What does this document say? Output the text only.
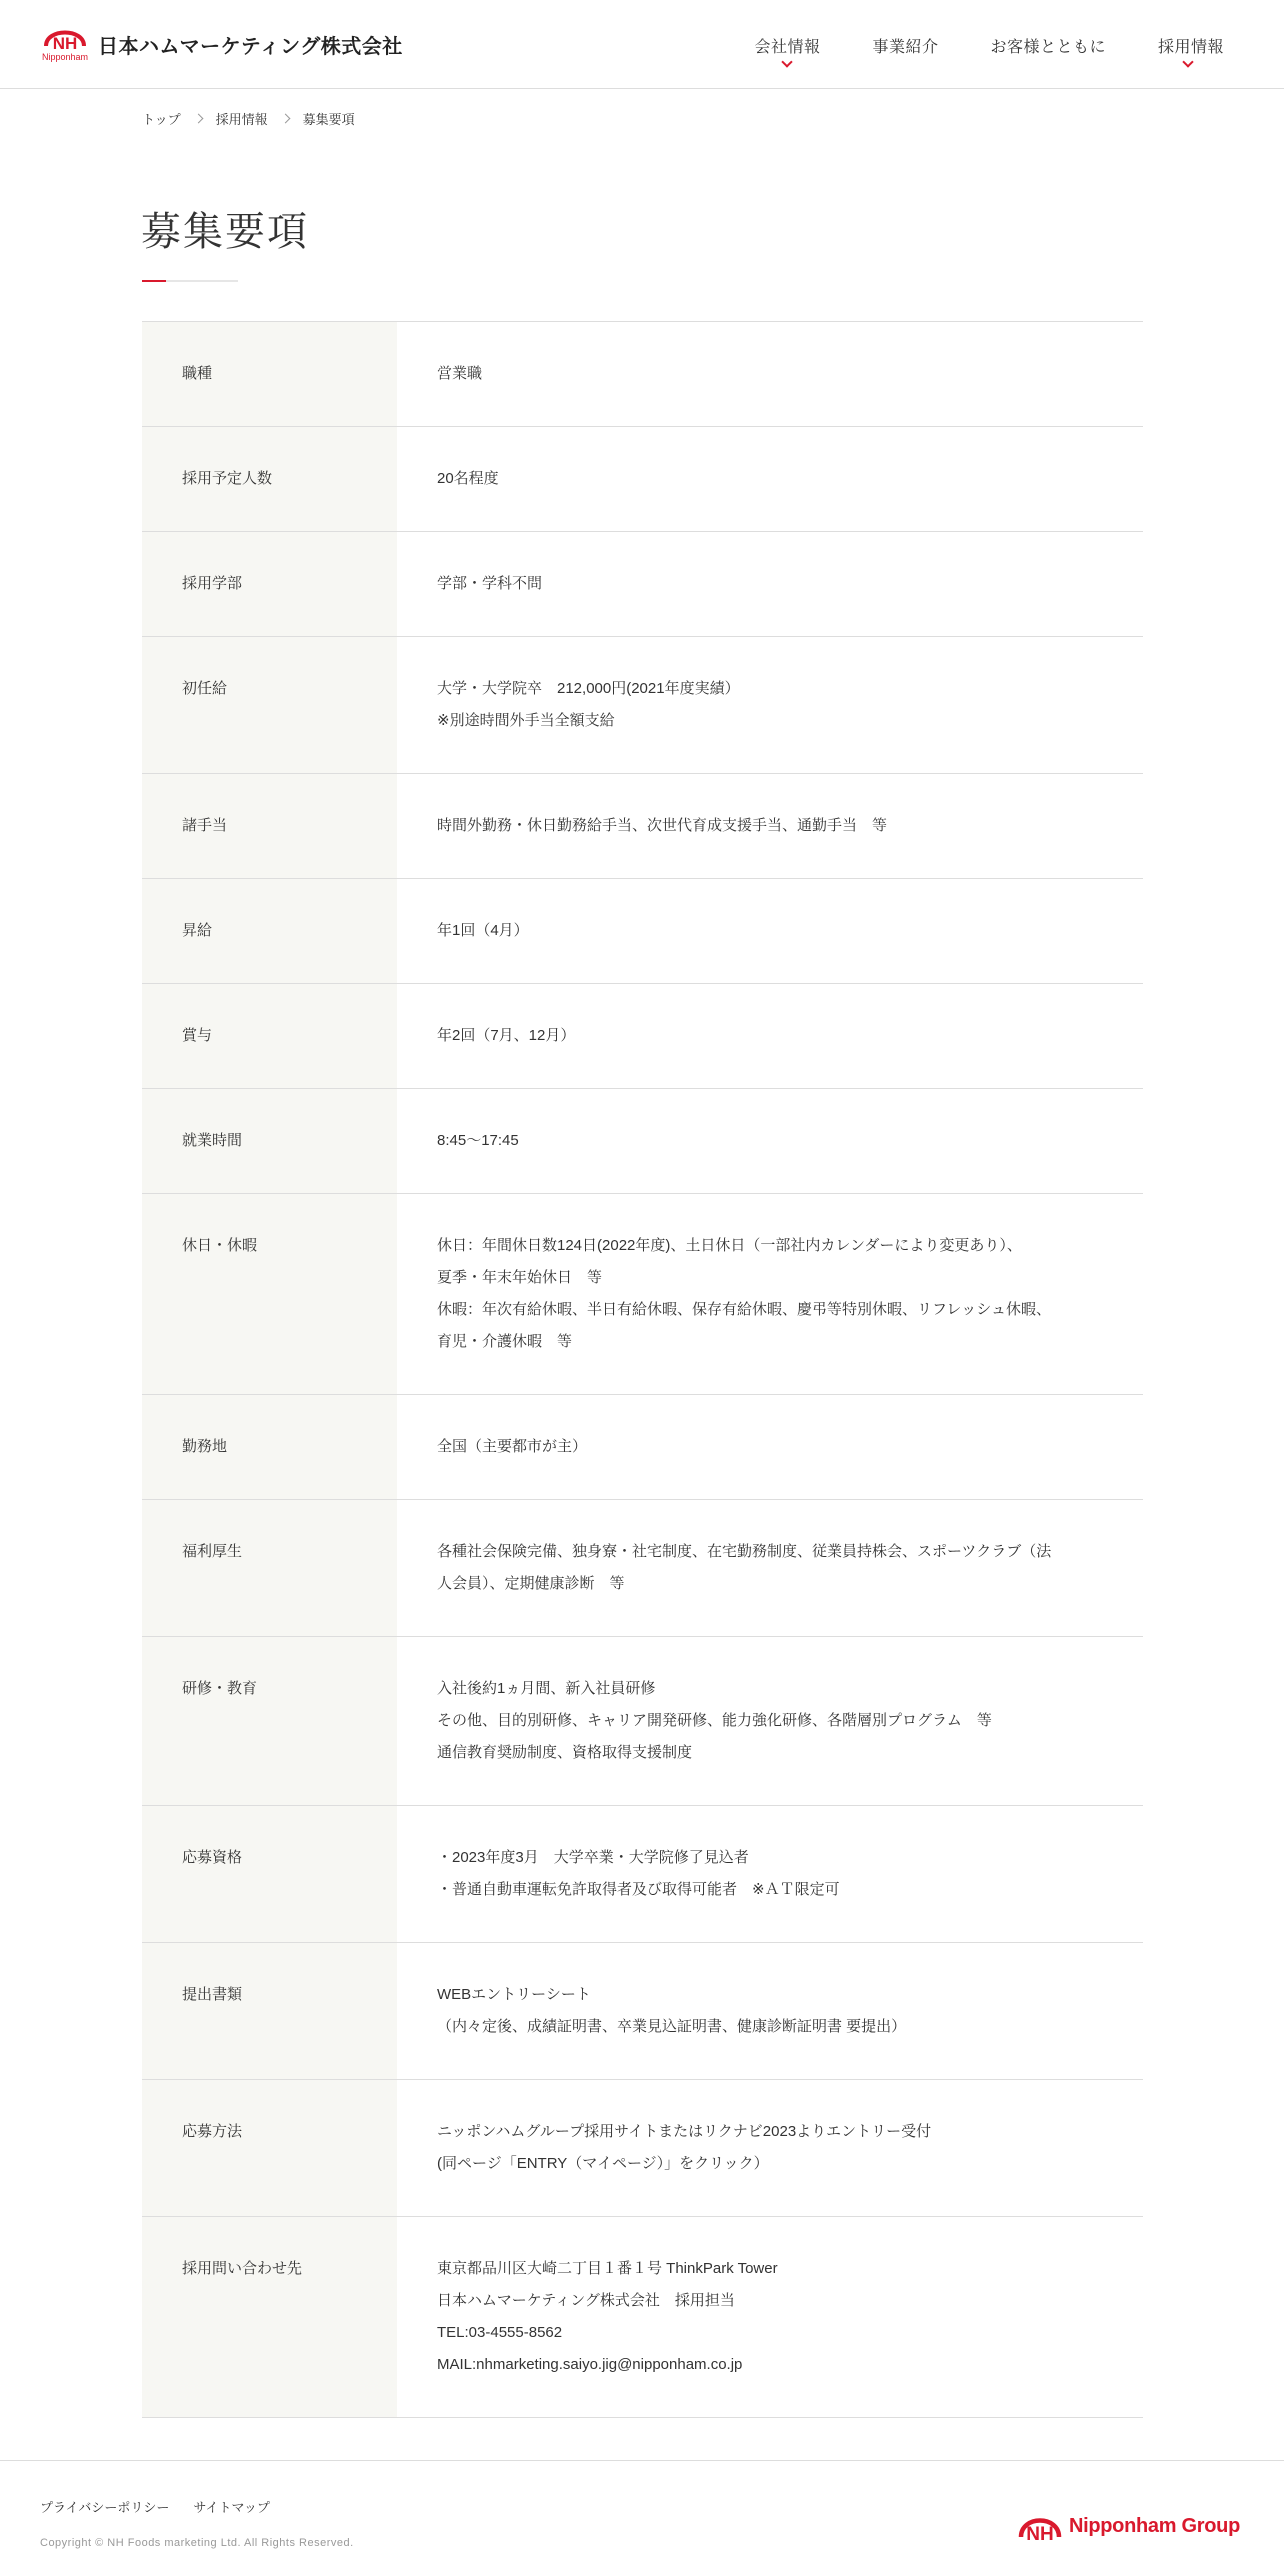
NH
Nipponham 日本ハムマーケティング株式会社	会社情報	事業紹介	お客様とともに	採用情報
トップ	採用情報	募集要項
募集要項
職種	営業職
採用予定人数	20名程度
採用学部	学部・学科不問
初任給	大学・大学院卒　212,000円(2021年度実績）
※別途時間外手当全額支給
諸手当	時間外勤務・休日勤務給手当、次世代育成支援手当、通勤手当　等
昇給	年1回（4月）
賞与	年2回（7月、12月）
就業時間	8:45～17:45
休日・休暇	休日：年間休日数124日(2022年度)、土日休日（一部社内カレンダーにより変更あり）、
夏季・年末年始休日　等
休暇：年次有給休暇、半日有給休暇、保存有給休暇、慶弔等特別休暇、リフレッシュ休暇、
育児・介護休暇　等
勤務地	全国（主要都市が主）
福利厚生	各種社会保険完備、独身寮・社宅制度、在宅勤務制度、従業員持株会、スポーツクラブ（法
人会員）、定期健康診断　等
研修・教育	入社後約1ヵ月間、新入社員研修
その他、目的別研修、キャリア開発研修、能力強化研修、各階層別プログラム　等
通信教育奨励制度、資格取得支援制度
応募資格	・2023年度3月　大学卒業・大学院修了見込者
・普通自動車運転免許取得者及び取得可能者　※ＡＴ限定可
提出書類	WEBエントリーシート
（内々定後、成績証明書、卒業見込証明書、健康診断証明書 要提出）
応募方法	ニッポンハムグループ採用サイトまたはリクナビ2023よりエントリー受付
(同ページ「ENTRY（マイページ）」をクリック）
採用問い合わせ先	東京都品川区大崎二丁目１番１号 ThinkPark Tower
日本ハムマーケティング株式会社　採用担当
TEL:03-4555-8562
MAIL:nhmarketing.saiyo.jig@nipponham.co.jp
プライバシーポリシー サイトマップ
Copyright © NH Foods marketing Ltd. All Rights Reserved.	NH Nipponham Group
